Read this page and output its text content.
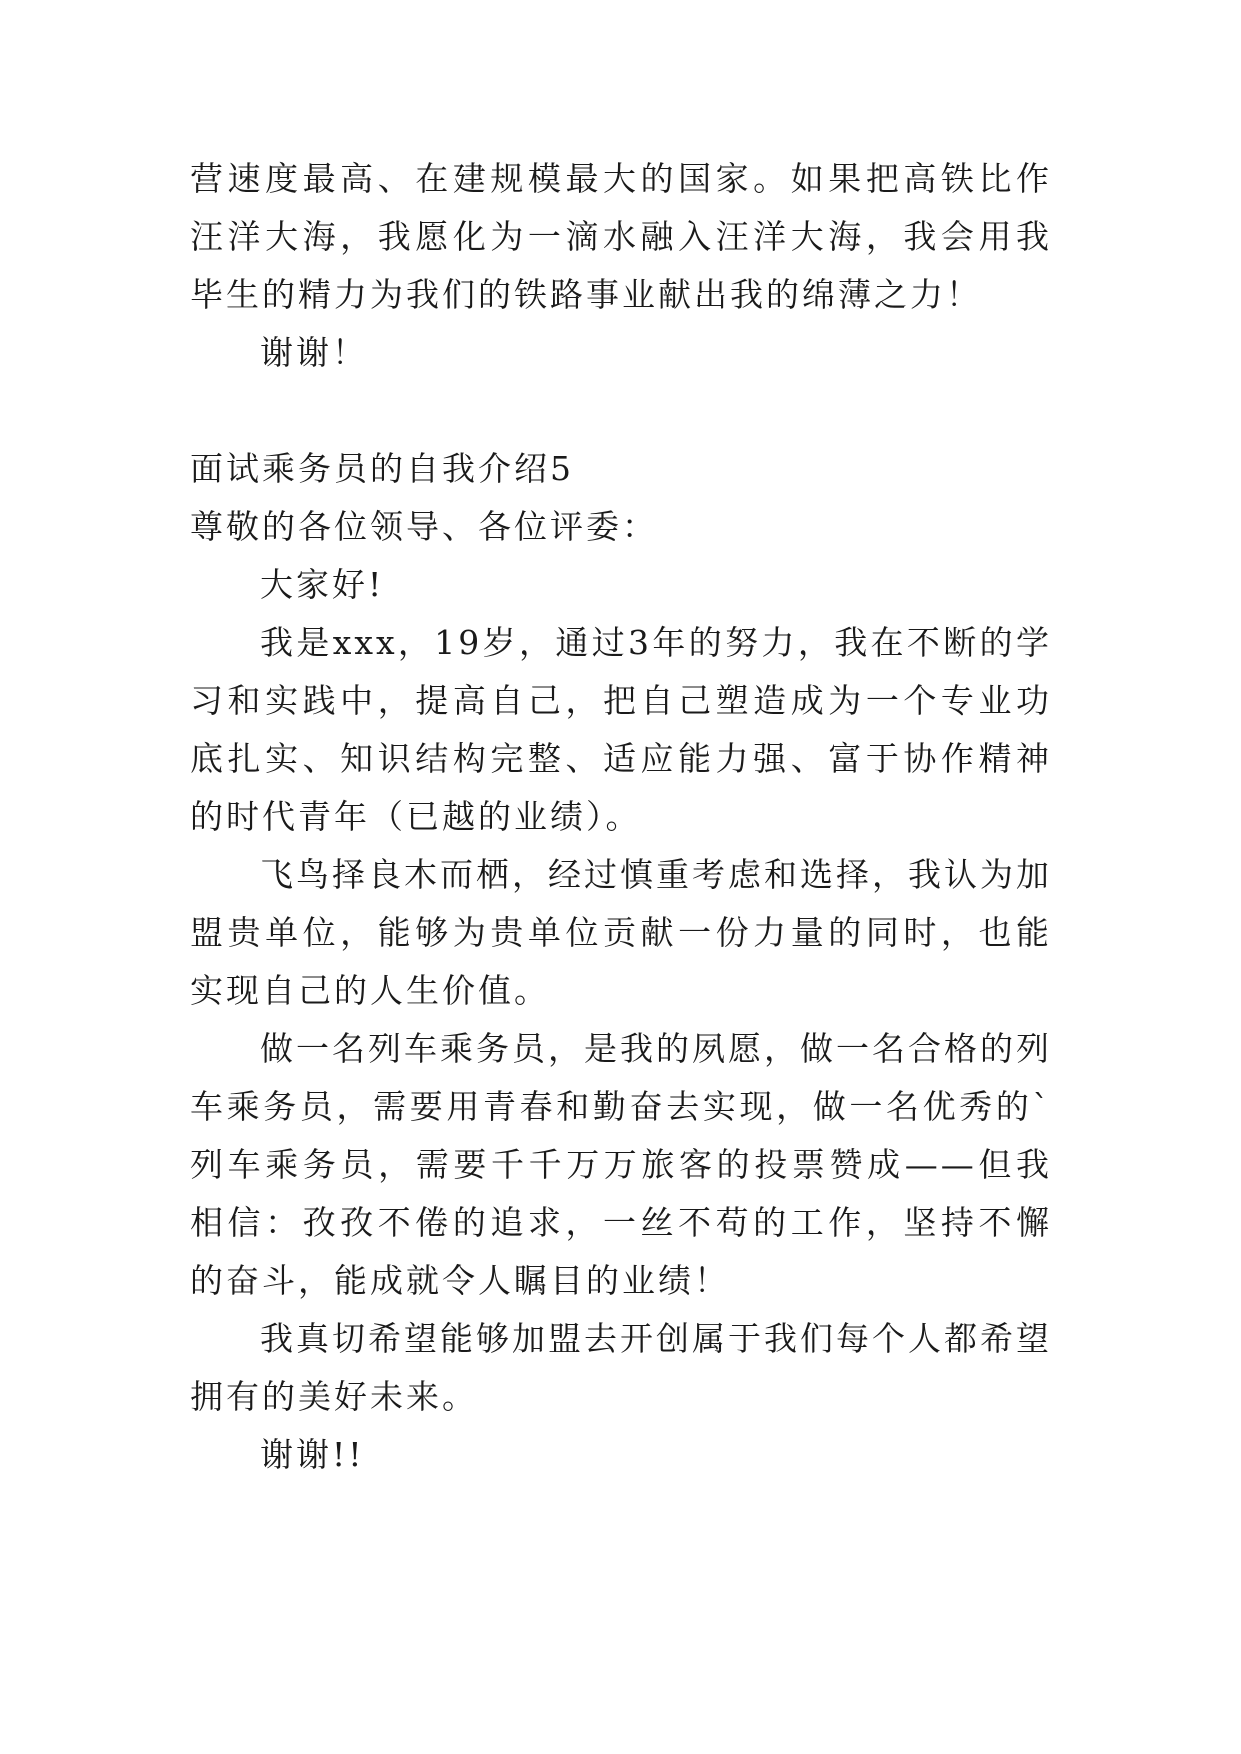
营速度最高、在建规模最大的国家。如果把高铁比作汪洋大海，我愿化为一滴水融入汪洋大海，我会用我毕生的精力为我们的铁路事业献出我的绵薄之力！

谢谢！

面试乘务员的自我介绍5

尊敬的各位领导、各位评委：

大家好!

我是xxx，19岁，通过3年的努力，我在不断的学习和实践中，提高自己，把自己塑造成为一个专业功底扎实、知识结构完整、适应能力强、富于协作精神的时代青年（已越的业绩）。

飞鸟择良木而栖，经过慎重考虑和选择，我认为加盟贵单位，能够为贵单位贡献一份力量的同时，也能实现自己的人生价值。

做一名列车乘务员，是我的夙愿，做一名合格的列车乘务员，需要用青春和勤奋去实现，做一名优秀的`列车乘务员，需要千千万万旅客的投票赞成——但我相信：孜孜不倦的追求，一丝不苟的工作，坚持不懈的奋斗，能成就令人瞩目的业绩！

我真切希望能够加盟去开创属于我们每个人都希望拥有的美好未来。

谢谢!!
